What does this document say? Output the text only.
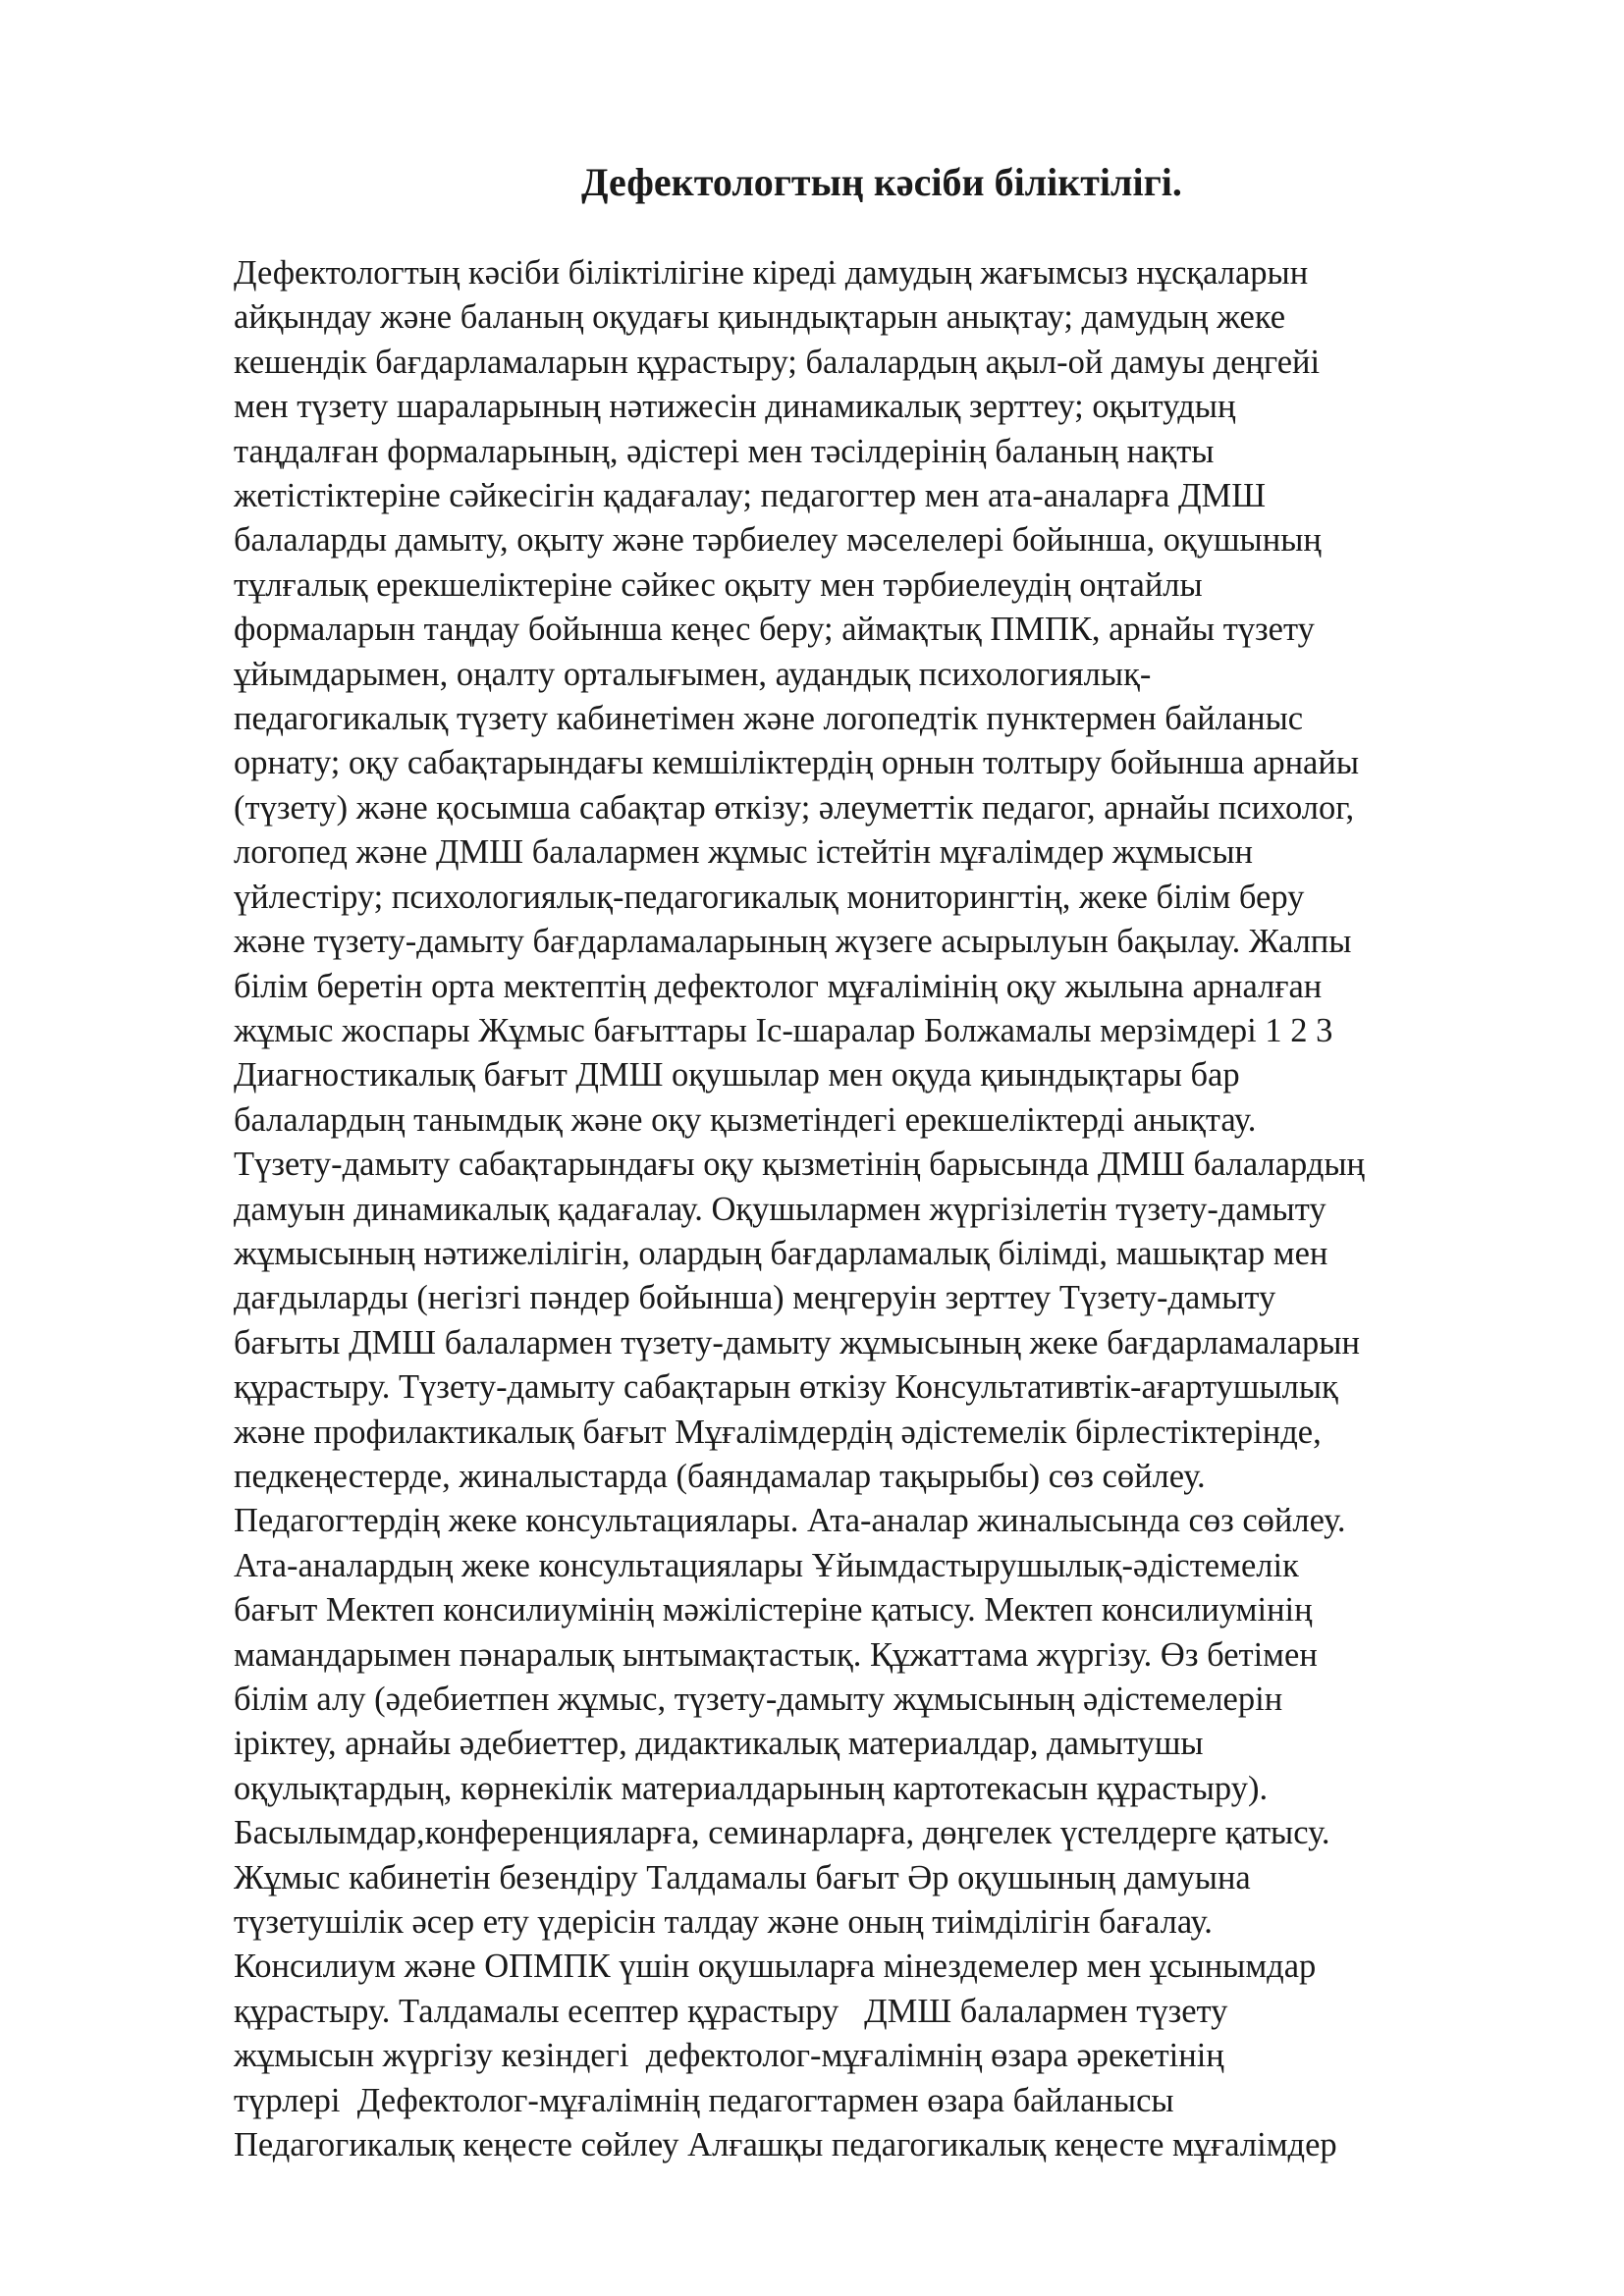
Дефектологтың кәсіби біліктілігі.
Дефектологтың кәсіби біліктілігіне кіреді дамудың жағымсыз нұсқаларын
айқындау және баланың оқудағы қиындықтарын анықтау; дамудың жеке
кешендік бағдарламаларын құрастыру; балалардың ақыл-ой дамуы деңгейі
мен түзету шараларының нәтижесін динамикалық зерттеу; оқытудың
таңдалған формаларының, әдістері мен тәсілдерінің баланың нақты
жетістіктеріне сәйкесігін қадағалау; педагогтер мен ата-аналарға ДМШ
балаларды дамыту, оқыту және тәрбиелеу мәселелері бойынша, оқушының
тұлғалық ерекшеліктеріне сәйкес оқыту мен тәрбиелеудің оңтайлы
формаларын таңдау бойынша кеңес беру; аймақтық ПМПК, арнайы түзету
ұйымдарымен, оңалту орталығымен, аудандық психологиялық-
педагогикалық түзету кабинетімен және логопедтік пунктермен байланыс
орнату; оқу сабақтарындағы кемшіліктердің орнын толтыру бойынша арнайы
(түзету) және қосымша сабақтар өткізу; әлеуметтік педагог, арнайы психолог,
логопед және ДМШ балалармен жұмыс істейтін мұғалімдер жұмысын
үйлестіру; психологиялық-педагогикалық мониторингтің, жеке білім беру
және түзету-дамыту бағдарламаларының жүзеге асырылуын бақылау. Жалпы
білім беретін орта мектептің дефектолог мұғалімінің оқу жылына арналған
жұмыс жоспары Жұмыс бағыттары Іс-шаралар Болжамалы мерзімдері 1 2 3
Диагностикалық бағыт ДМШ оқушылар мен оқуда қиындықтары бар
балалардың танымдық және оқу қызметіндегі ерекшеліктерді анықтау.
Түзету-дамыту сабақтарындағы оқу қызметінің барысында ДМШ балалардың
дамуын динамикалық қадағалау. Оқушылармен жүргізілетін түзету-дамыту
жұмысының нәтижелілігін, олардың бағдарламалық білімді, машықтар мен
дағдыларды (негізгі пәндер бойынша) меңгеруін зерттеу Түзету-дамыту
бағыты ДМШ балалармен түзету-дамыту жұмысының жеке бағдарламаларын
құрастыру. Түзету-дамыту сабақтарын өткізу Консультативтік-ағартушылық
және профилактикалық бағыт Мұғалімдердің әдістемелік бірлестіктерінде,
педкеңестерде, жиналыстарда (баяндамалар тақырыбы) сөз сөйлеу.
Педагогтердің жеке консультациялары. Ата-аналар жиналысында сөз сөйлеу.
Ата-аналардың жеке консультациялары Ұйымдастырушылық-әдістемелік
бағыт Мектеп консилиумінің мәжілістеріне қатысу. Мектеп консилиумінің
мамандарымен пәнаралық ынтымақтастық. Құжаттама жүргізу. Өз бетімен
білім алу (әдебиетпен жұмыс, түзету-дамыту жұмысының әдістемелерін
іріктеу, арнайы әдебиеттер, дидактикалық материалдар, дамытушы
оқулықтардың, көрнекілік материалдарының картотекасын құрастыру).
Басылымдар,конференцияларға, семинарларға, дөңгелек үстелдерге қатысу.
Жұмыс кабинетін безендіру Талдамалы бағыт Әр оқушының дамуына
түзетушілік әсер ету үдерісін талдау және оның тиімділігін бағалау.
Консилиум және ОПМПК үшін оқушыларға мінездемелер мен ұсынымдар
құрастыру. Талдамалы есептер құрастыру   ДМШ балалармен түзету
жұмысын жүргізу кезіндегі  дефектолог-мұғалімнің өзара әрекетінің
түрлері  Дефектолог-мұғалімнің педагогтармен өзара байланысы
Педагогикалық кеңесте сөйлеу Алғашқы педагогикалық кеңесте мұғалімдер
